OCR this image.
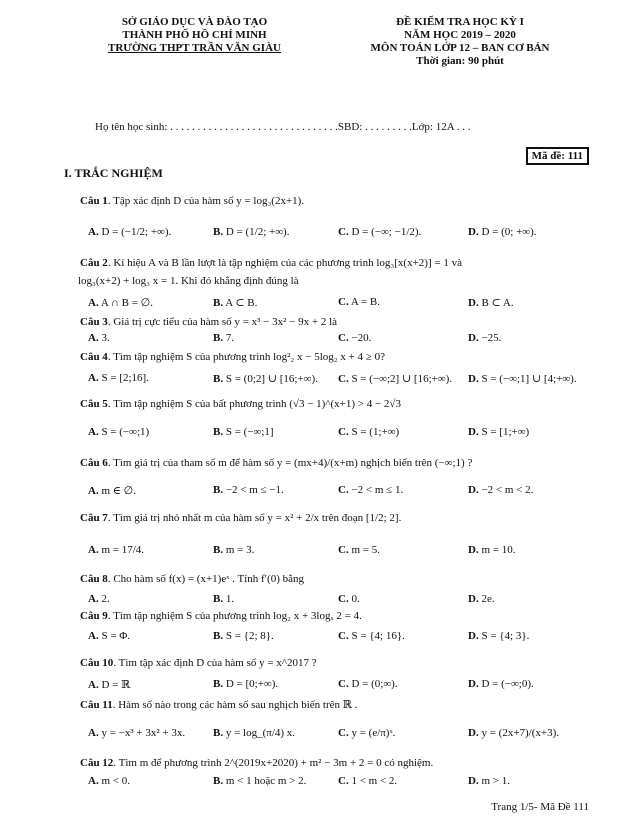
SỞ GIÁO DỤC VÀ ĐÀO TẠO
THÀNH PHỐ HỒ CHÍ MINH
TRƯỜNG THPT TRẦN VĂN GIÀU
ĐỀ KIỂM TRA HỌC KỲ I
NĂM HỌC 2019 – 2020
MÔN TOÁN LỚP 12 – BAN CƠ BẢN
Thời gian: 90 phút
Họ tên học sinh: . . . . . . . . . . . . . . . . . . . . . . . . . . . . . . .SBD: . . . . . . . . .Lớp: 12A . . .
Mã đề: 111
I. TRẮC NGHIỆM
Câu 1. Tập xác định D của hàm số y = log₃(2x+1).
A. D = (−1/2; +∞).	B. D = (1/2; +∞).	C. D = (−∞; −1/2).	D. D = (0; +∞).
Câu 2. Kí hiệu A và B lần lượt là tập nghiệm của các phương trình log₃[x(x+2)] = 1 và
log₃(x+2) + log₃ x = 1. Khi đó khẳng định đúng là
A. A ∩ B = ∅.	B. A ⊂ B.	C. A = B.	D. B ⊂ A.
Câu 3. Giá trị cực tiểu của hàm số y = x³ − 3x² − 9x + 2 là
A. 3.	B. 7.	C. −20.	D. −25.
Câu 4. Tìm tập nghiệm S của phương trình log²₂ x − 5log₂ x + 4 ≥ 0?
A. S = [2;16].	B. S = (0;2] ∪ [16;+∞). C. S = (−∞;2] ∪ [16;+∞). D. S = (−∞;1] ∪ [4;+∞).
Câu 5. Tìm tập nghiệm S của bất phương trình (√3 − 1)^(x+1) > 4 − 2√3
A. S = (−∞;1)	B. S = (−∞;1]	C. S = (1;+∞)	D. S = [1;+∞)
Câu 6. Tìm giá trị của tham số m để hàm số y = (mx+4)/(x+m) nghịch biến trên (−∞;1) ?
A. m ∈ ∅.	B. −2 < m ≤ −1.	C. −2 < m ≤ 1.	D. −2 < m < 2.
Câu 7. Tìm giá trị nhỏ nhất m của hàm số y = x² + 2/x trên đoạn [1/2; 2].
A. m = 17/4.	B. m = 3.	C. m = 5.	D. m = 10.
Câu 8. Cho hàm số f(x) = (x+1)eˣ . Tính f′(0) bằng
A. 2.	B. 1.	C. 0.	D. 2e.
Câu 9. Tìm tập nghiệm S của phương trình log₂ x + 3logₓ 2 = 4.
A. S = Φ.	B. S = {2; 8}.	C. S = {4; 16}.	D. S = {4; 3}.
Câu 10. Tìm tập xác định D của hàm số y = x^2017 ?
A. D = ℝ	B. D = [0;+∞).	C. D = (0;∞).	D. D = (−∞;0).
Câu 11. Hàm số nào trong các hàm số sau nghịch biến trên ℝ .
A. y = −x³ + 3x² + 3x.	B. y = log_(π/4) x.	C. y = (e/π)ˣ.	D. y = (2x+7)/(x+3).
Câu 12. Tìm m để phương trình 2^(2019x+2020) + m² − 3m + 2 = 0 có nghiệm.
A. m < 0.	B. m < 1 hoặc m > 2.	C. 1 < m < 2.	D. m > 1.
Trang 1/5- Mã Đề 111
